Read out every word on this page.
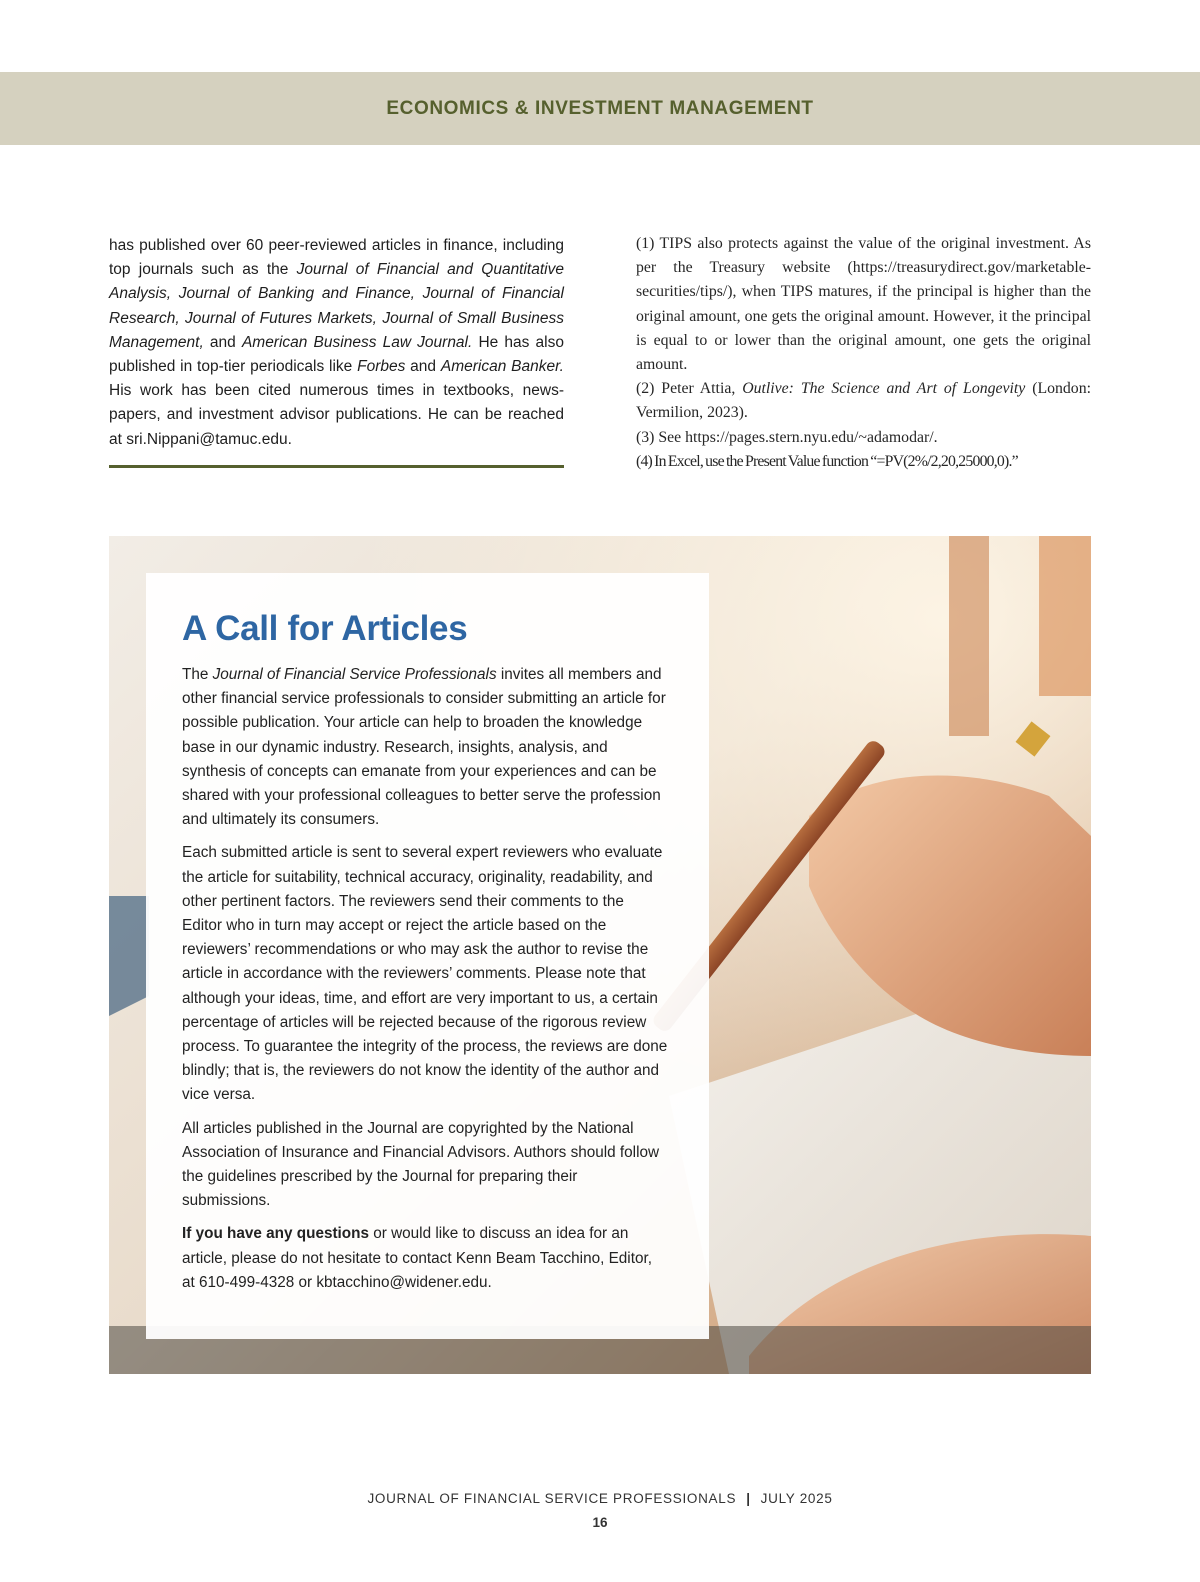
ECONOMICS & INVESTMENT MANAGEMENT

has published over 60 peer-reviewed articles in finance, including top journals such as the Journal of Financial and Quantitative Analysis, Journal of Banking and Finance, Journal of Financial Research, Journal of Futures Markets, Journal of Small Business Management, and American Business Law Journal. He has also published in top-tier periodicals like Forbes and American Banker. His work has been cited numerous times in textbooks, newspapers, and investment advisor publications. He can be reached at sri.Nippani@tamuc.edu.

(1) TIPS also protects against the value of the original investment. As per the Treasury website (https://treasurydirect.gov/marketable-securities/tips/), when TIPS matures, if the principal is higher than the original amount, one gets the original amount. However, it the principal is equal to or lower than the original amount, one gets the original amount.

(2) Peter Attia, Outlive: The Science and Art of Longevity (London: Vermilion, 2023).

(3) See https://pages.stern.nyu.edu/~adamodar/.

(4) In Excel, use the Present Value function “=PV(2%/2,20,25000,0).”

A Call for Articles

The Journal of Financial Service Professionals invites all members and other financial service professionals to consider submitting an article for possible publication. Your article can help to broaden the knowledge base in our dynamic industry. Research, insights, analysis, and synthesis of concepts can emanate from your experiences and can be shared with your professional colleagues to better serve the profession and ultimately its consumers.

Each submitted article is sent to several expert reviewers who evaluate the article for suitability, technical accuracy, originality, readability, and other pertinent factors. The reviewers send their comments to the Editor who in turn may accept or reject the article based on the reviewers’ recommendations or who may ask the author to revise the article in accordance with the reviewers’ comments. Please note that although your ideas, time, and effort are very important to us, a certain percentage of articles will be rejected because of the rigorous review process. To guarantee the integrity of the process, the reviews are done blindly; that is, the reviewers do not know the identity of the author and vice versa.

All articles published in the Journal are copyrighted by the National Association of Insurance and Financial Advisors. Authors should follow the guidelines prescribed by the Journal for preparing their submissions.

If you have any questions or would like to discuss an idea for an article, please do not hesitate to contact Kenn Beam Tacchino, Editor, at 610-499-4328 or kbtacchino@widener.edu.

JOURNAL OF FINANCIAL SERVICE PROFESSIONALS | JULY 2025
16
